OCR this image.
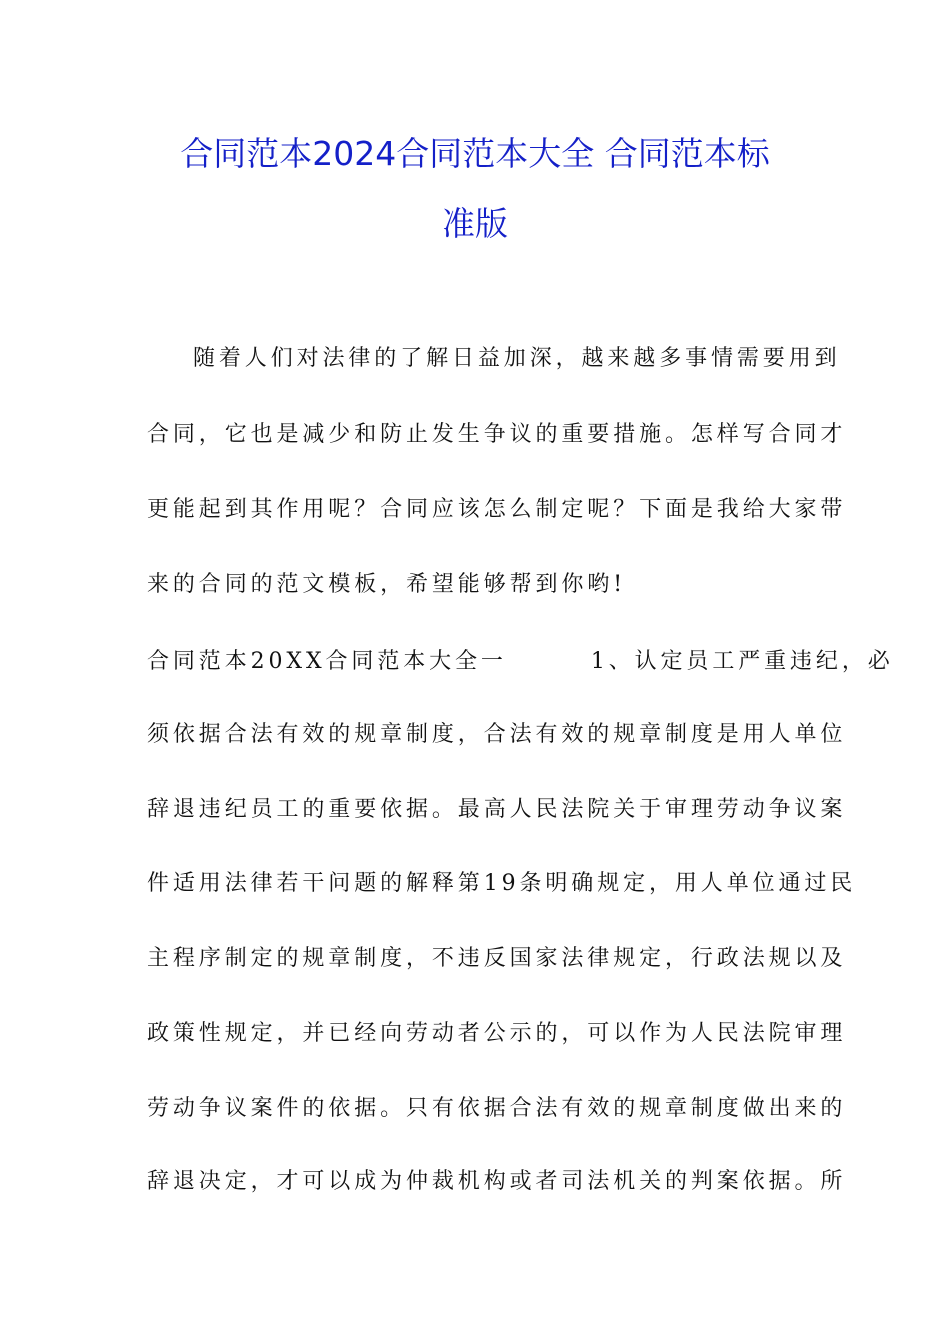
合同范本2024合同范本大全 合同范本标
准版
随着人们对法律的了解日益加深，越来越多事情需要用到
合同，它也是减少和防止发生争议的重要措施。怎样写合同才
更能起到其作用呢？合同应该怎么制定呢？下面是我给大家带
来的合同的范文模板，希望能够帮到你哟!
合同范本20XX合同范本大全一	1、认定员工严重违纪，必
须依据合法有效的规章制度，合法有效的规章制度是用人单位
辞退违纪员工的重要依据。最高人民法院关于审理劳动争议案
件适用法律若干问题的解释第19条明确规定，用人单位通过民
主程序制定的规章制度，不违反国家法律规定，行政法规以及
政策性规定，并已经向劳动者公示的，可以作为人民法院审理
劳动争议案件的依据。只有依据合法有效的规章制度做出来的
辞退决定，才可以成为仲裁机构或者司法机关的判案依据。所
